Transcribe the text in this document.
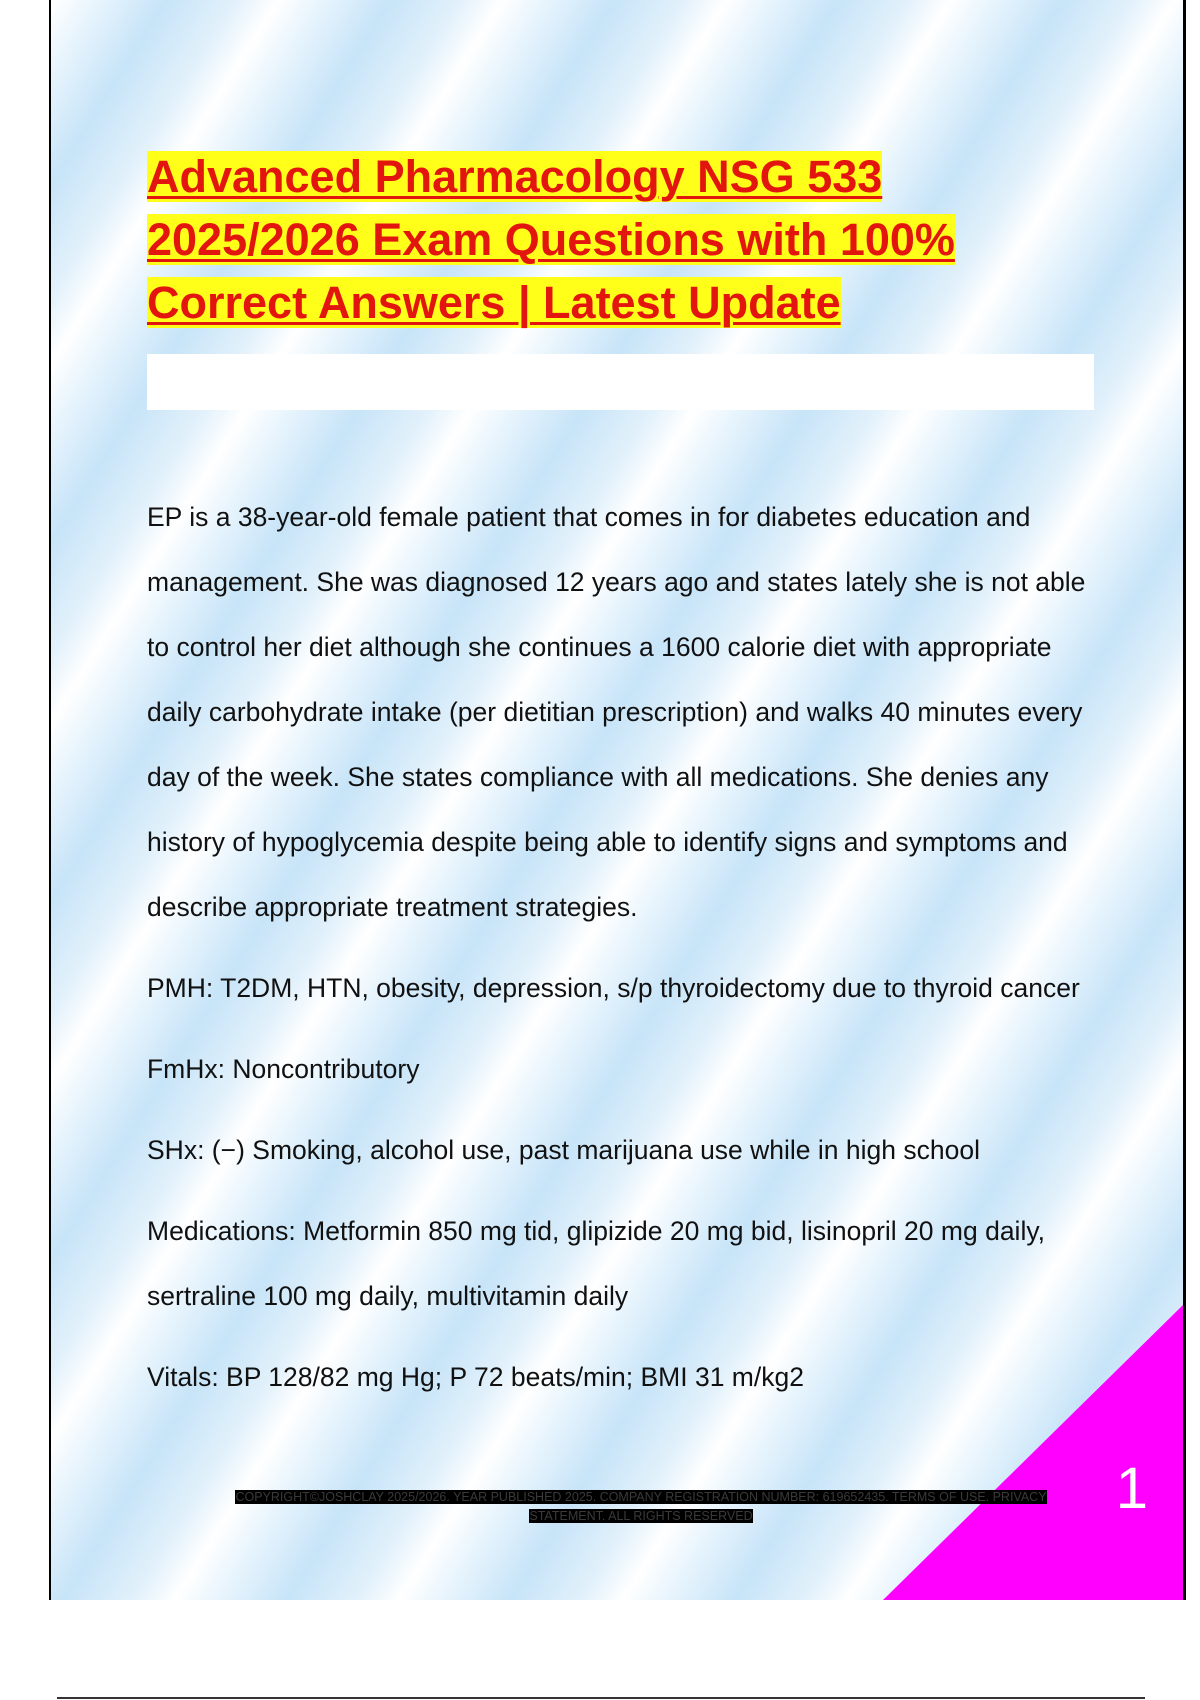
Advanced Pharmacology NSG 533
2025/2026 Exam Questions with 100%
Correct Answers | Latest Update

EP is a 38-year-old female patient that comes in for diabetes education and management. She was diagnosed 12 years ago and states lately she is not able to control her diet although she continues a 1600 calorie diet with appropriate daily carbohydrate intake (per dietitian prescription) and walks 40 minutes every day of the week. She states compliance with all medications. She denies any history of hypoglycemia despite being able to identify signs and symptoms and describe appropriate treatment strategies.

PMH: T2DM, HTN, obesity, depression, s/p thyroidectomy due to thyroid cancer

FmHx: Noncontributory

SHx: (−) Smoking, alcohol use, past marijuana use while in high school

Medications: Metformin 850 mg tid, glipizide 20 mg bid, lisinopril 20 mg daily, sertraline 100 mg daily, multivitamin daily

Vitals: BP 128/82 mg Hg; P 72 beats/min; BMI 31 m/kg2

1
COPYRIGHT©JOSHCLAY 2025/2026. YEAR PUBLISHED 2025. COMPANY REGISTRATION NUMBER: 619652435. TERMS OF USE. PRIVACY STATEMENT. ALL RIGHTS RESERVED
